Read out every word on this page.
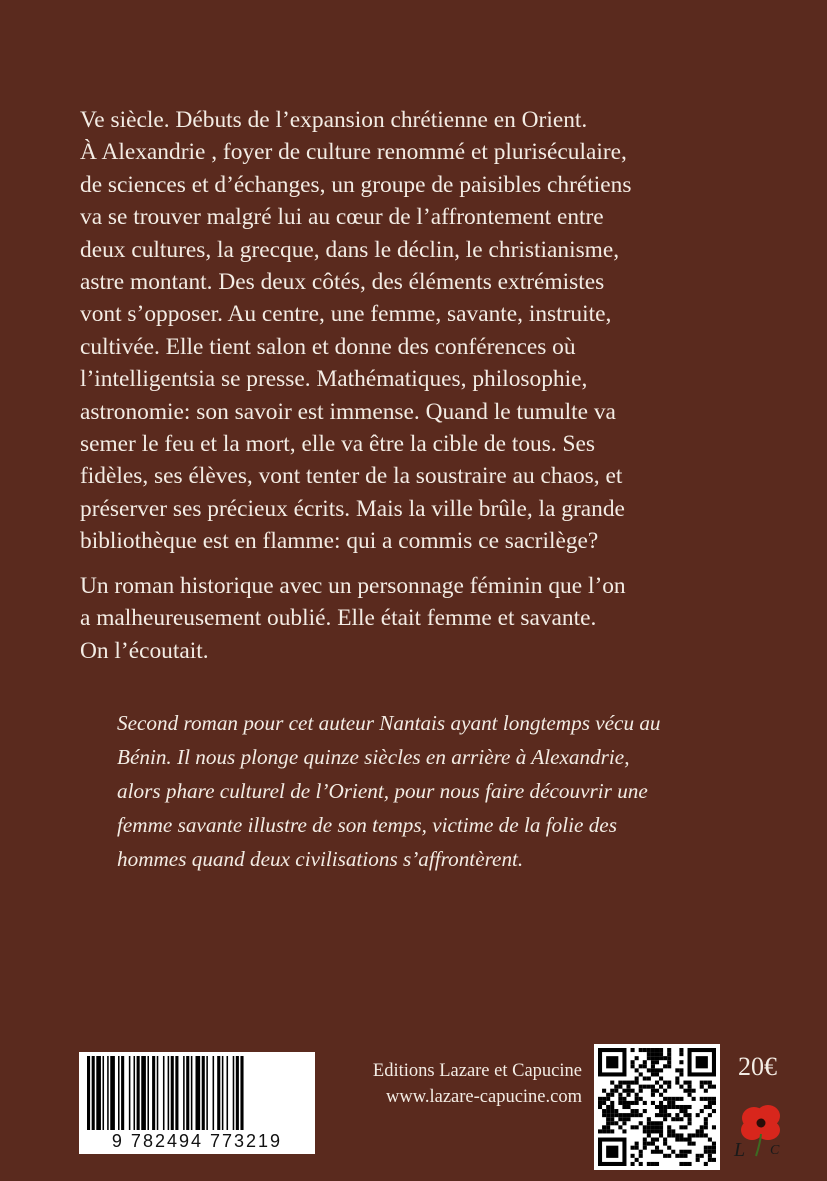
Ve siècle. Débuts de l’expansion chrétienne en Orient.
À Alexandrie , foyer de culture renommé et pluriséculaire,
de sciences et d’échanges, un groupe de paisibles chrétiens
va se trouver malgré lui au cœur de l’affrontement entre
deux cultures, la grecque, dans le déclin, le christianisme,
astre montant. Des deux côtés, des éléments extrémistes
vont s’opposer. Au centre, une femme, savante, instruite,
cultivée. Elle tient salon et donne des conférences où
l’intelligentsia se presse. Mathématiques, philosophie,
astronomie: son savoir est immense. Quand le tumulte va
semer le feu et la mort, elle va être la cible de tous. Ses
fidèles, ses élèves, vont tenter de la soustraire au chaos, et
préserver ses précieux écrits. Mais la ville brûle, la grande
bibliothèque est en flamme: qui a commis ce sacrilège?

Un roman historique avec un personnage féminin que l’on
a malheureusement oublié. Elle était femme et savante.
On l’écoutait.

Second roman pour cet auteur Nantais ayant longtemps vécu au
Bénin. Il nous plonge quinze siècles en arrière à Alexandrie,
alors phare culturel de l’Orient, pour nous faire découvrir une
femme savante illustre de son temps, victime de la folie des
hommes quand deux civilisations s’affrontèrent.
9 782494 773219
Editions Lazare et Capucine
www.lazare-capucine.com
20€
L C
